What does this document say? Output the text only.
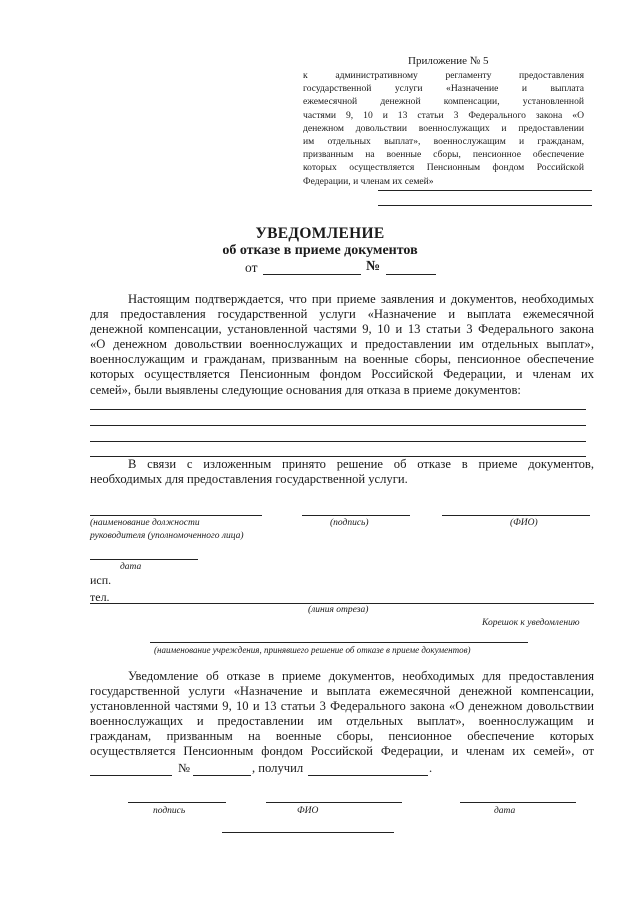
Приложение № 5
к административному регламенту предоставления
государственной услуги «Назначение и выплата
ежемесячной денежной компенсации, установленной
частями 9, 10 и 13 статьи 3 Федерального закона «О
денежном довольствии военнослужащих и предоставлении
им отдельных выплат», военнослужащим и гражданам,
призванным на военные сборы, пенсионное обеспечение
которых осуществляется Пенсионным фондом Российской
Федерации, и членам их семей»
УВЕДОМЛЕНИЕ
об отказе в приеме документов
от	№
Настоящим подтверждается, что при приеме заявления и документов, необходимых
для предоставления государственной услуги «Назначение и выплата ежемесячной
денежной компенсации, установленной частями 9, 10 и 13 статьи 3 Федерального закона
«О денежном довольствии военнослужащих и предоставлении им отдельных выплат»,
военнослужащим и гражданам, призванным на военные сборы, пенсионное обеспечение
которых осуществляется Пенсионным фондом Российской Федерации, и членам их
семей», были выявлены следующие основания для отказа в приеме документов:
В связи с изложенным принято решение об отказе в приеме документов,
необходимых для предоставления государственной услуги.
(наименование должности
руководителя (уполномоченного лица)
(подпись)	(ФИО)
дата
исп.
тел.
(линия отреза)
Корешок к уведомлению
(наименование учреждения, принявшего решение об отказе в приеме документов)
Уведомление об отказе в приеме документов, необходимых для предоставления
государственной услуги «Назначение и выплата ежемесячной денежной компенсации,
установленной частями 9, 10 и 13 статьи 3 Федерального закона «О денежном довольствии
военнослужащих и предоставлении им отдельных выплат», военнослужащим и
гражданам, призванным на военные сборы, пенсионное обеспечение которых
осуществляется Пенсионным фондом Российской Федерации, и членам их семей», от
№	, получил	.
подпись	ФИО	дата
